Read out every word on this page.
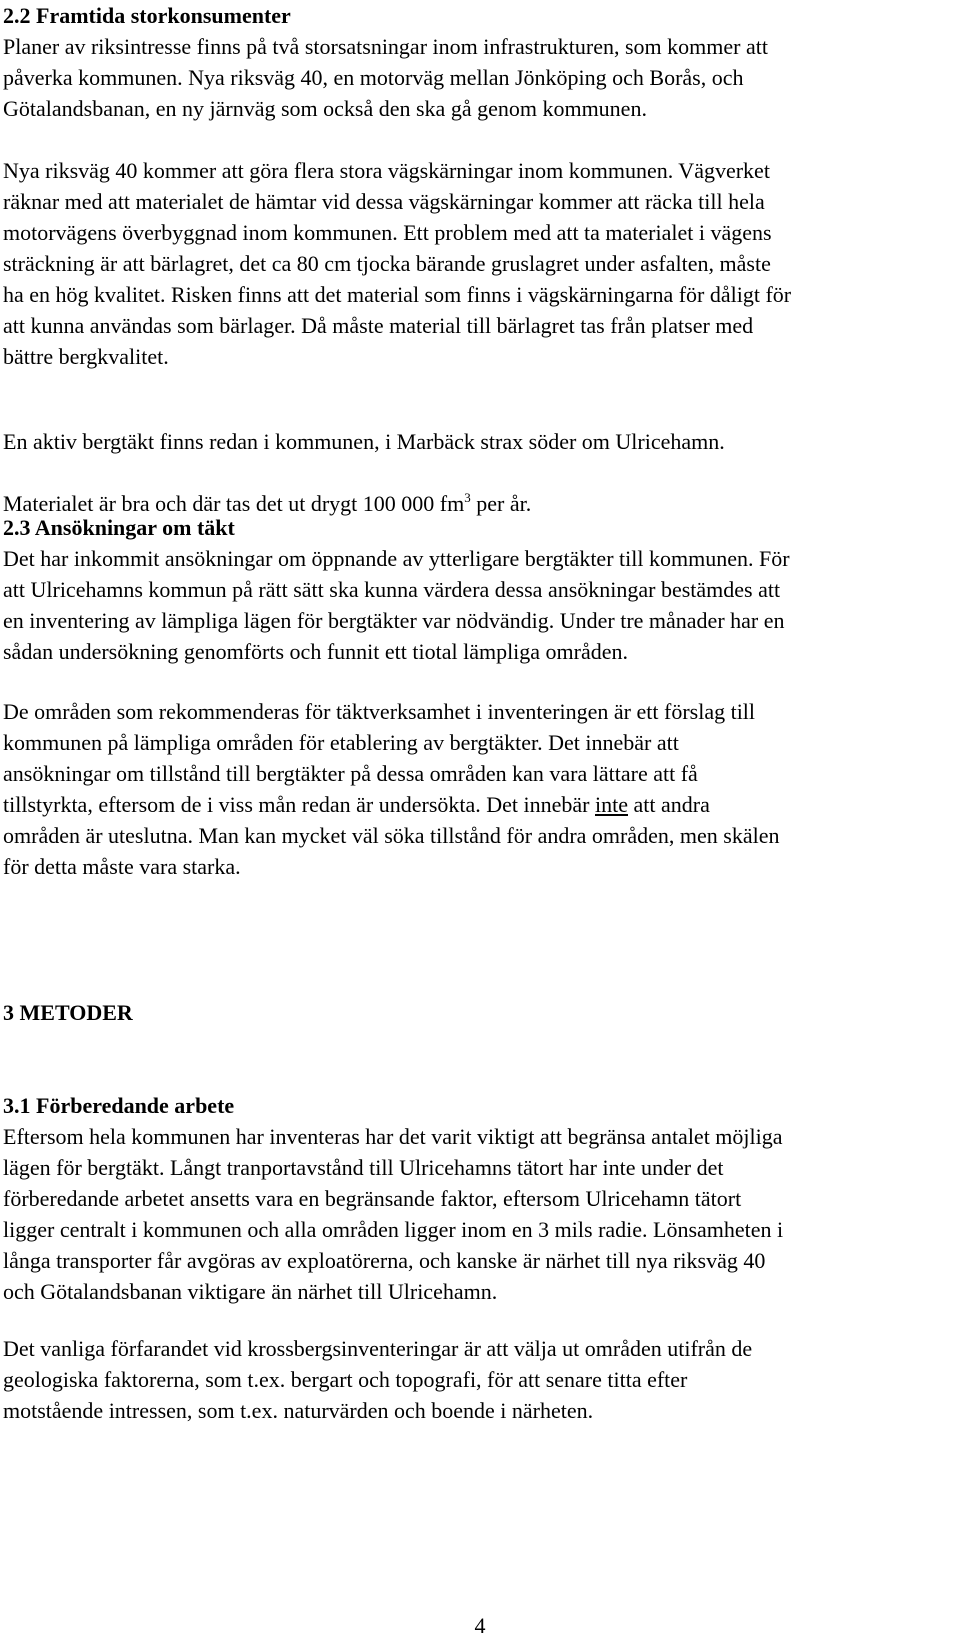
2.2 Framtida storkonsumenter

Planer av riksintresse finns på två storsatsningar inom infrastrukturen, som kommer att
påverka kommunen. Nya riksväg 40, en motorväg mellan Jönköping och Borås, och
Götalandsbanan, en ny järnväg som också den ska gå genom kommunen.

Nya riksväg 40 kommer att göra flera stora vägskärningar inom kommunen. Vägverket
räknar med att materialet de hämtar vid dessa vägskärningar kommer att räcka till hela
motorvägens överbyggnad inom kommunen. Ett problem med att ta materialet i vägens
sträckning är att bärlagret, det ca 80 cm tjocka bärande gruslagret under asfalten, måste
ha en hög kvalitet. Risken finns att det material som finns i vägskärningarna för dåligt för
att kunna användas som bärlager. Då måste material till bärlagret tas från platser med
bättre bergkvalitet.

En aktiv bergtäkt finns redan i kommunen, i Marbäck strax söder om Ulricehamn.

Materialet är bra och där tas det ut drygt 100 000 $fm^3$ per år.

2.3 Ansökningar om täkt

Det har inkommit ansökningar om öppnande av ytterligare bergtäkter till kommunen. För
att Ulricehamns kommun på rätt sätt ska kunna värdera dessa ansökningar bestämdes att
en inventering av lämpliga lägen för bergtäkter var nödvändig. Under tre månader har en
sådan undersökning genomförts och funnit ett tiotal lämpliga områden.

De områden som rekommenderas för täktverksamhet i inventeringen är ett förslag till
kommunen på lämpliga områden för etablering av bergtäkter. Det innebär att
ansökningar om tillstånd till bergtäkter på dessa områden kan vara lättare att få
tillstyrkta, eftersom de i viss mån redan är undersökta. Det innebär inte att andra
områden är uteslutna. Man kan mycket väl söka tillstånd för andra områden, men skälen
för detta måste vara starka.

3 METODER
3.1 Förberedande arbete

Eftersom hela kommunen har inventeras har det varit viktigt att begränsa antalet möjliga
lägen för bergtäkt. Långt tranportavstånd till Ulricehamns tätort har inte under det
förberedande arbetet ansetts vara en begränsande faktor, eftersom Ulricehamn tätort
ligger centralt i kommunen och alla områden ligger inom en 3 mils radie. Lönsamheten i
långa transporter får avgöras av exploatörerna, och kanske är närhet till nya riksväg 40
och Götalandsbanan viktigare än närhet till Ulricehamn.

Det vanliga förfarandet vid krossbergsinventeringar är att välja ut områden utifrån de
geologiska faktorerna, som t.ex. bergart och topografi, för att senare titta efter
motstående intressen, som t.ex. naturvärden och boende i närheten.

4
